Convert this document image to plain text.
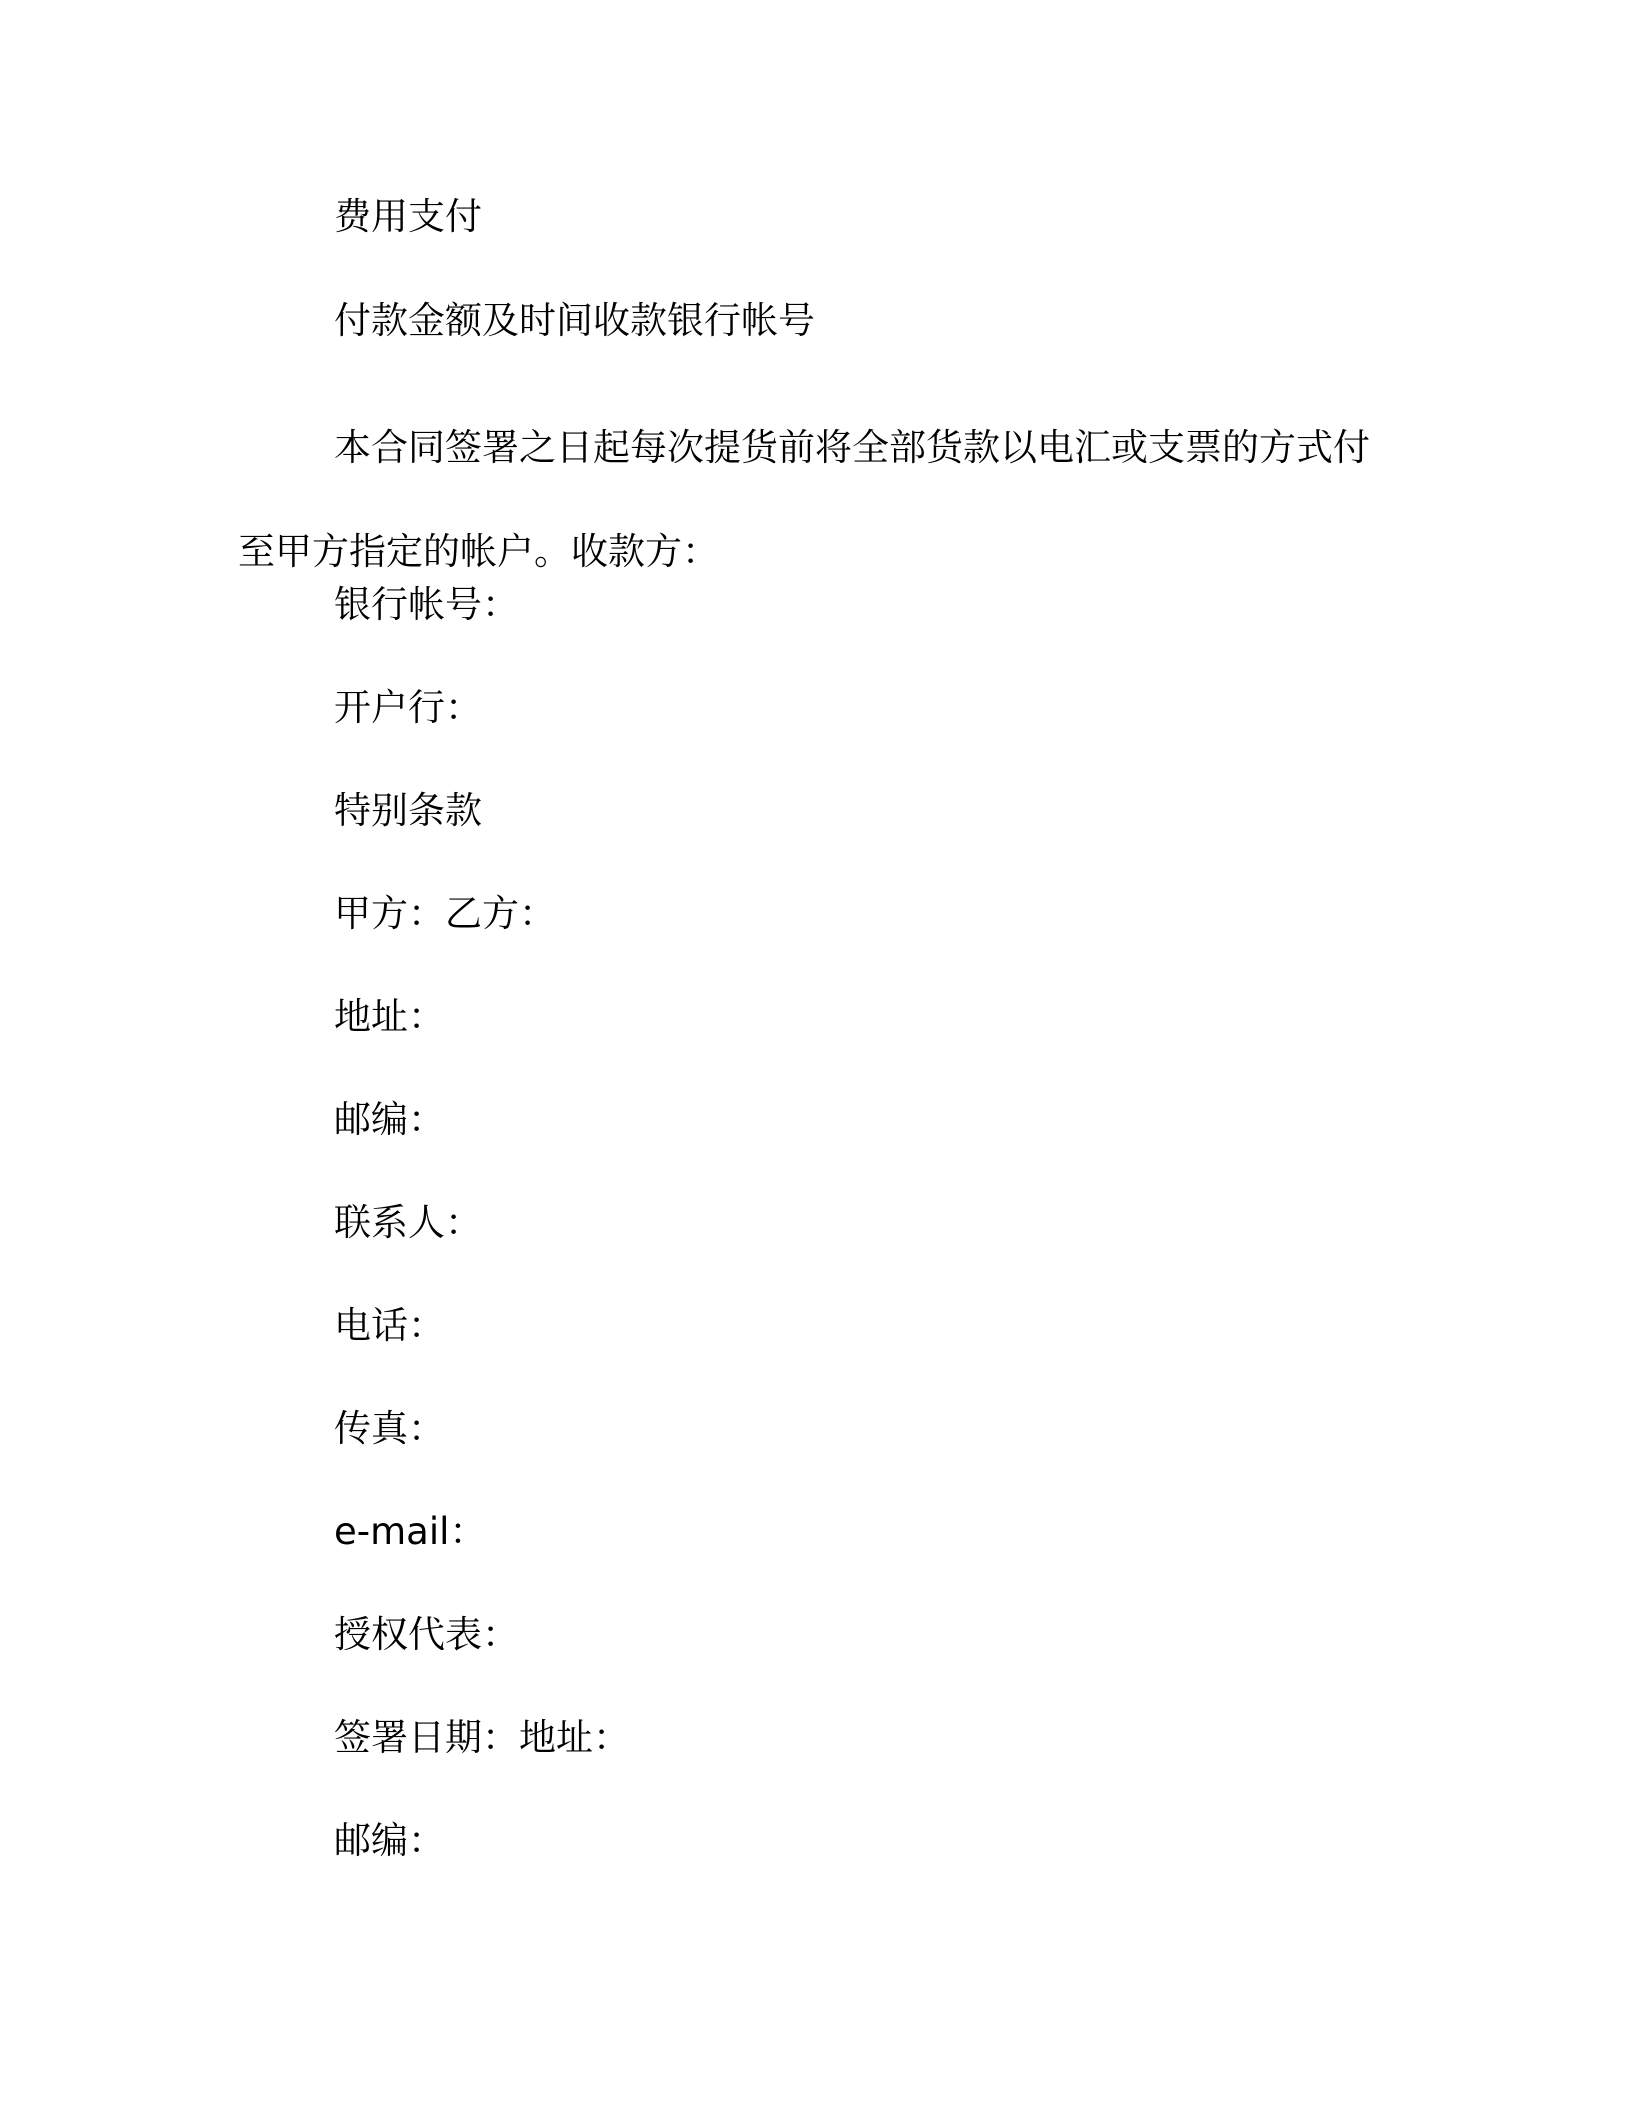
费用支付
付款金额及时间收款银行帐号
本合同签署之日起每次提货前将全部货款以电汇或支票的方式付至甲方指定的帐户。收款方：
银行帐号：
开户行：
特别条款
甲方：乙方：
地址：
邮编：
联系人：
电话：
传真：
e-mail：
授权代表：
签署日期：地址：
邮编：
